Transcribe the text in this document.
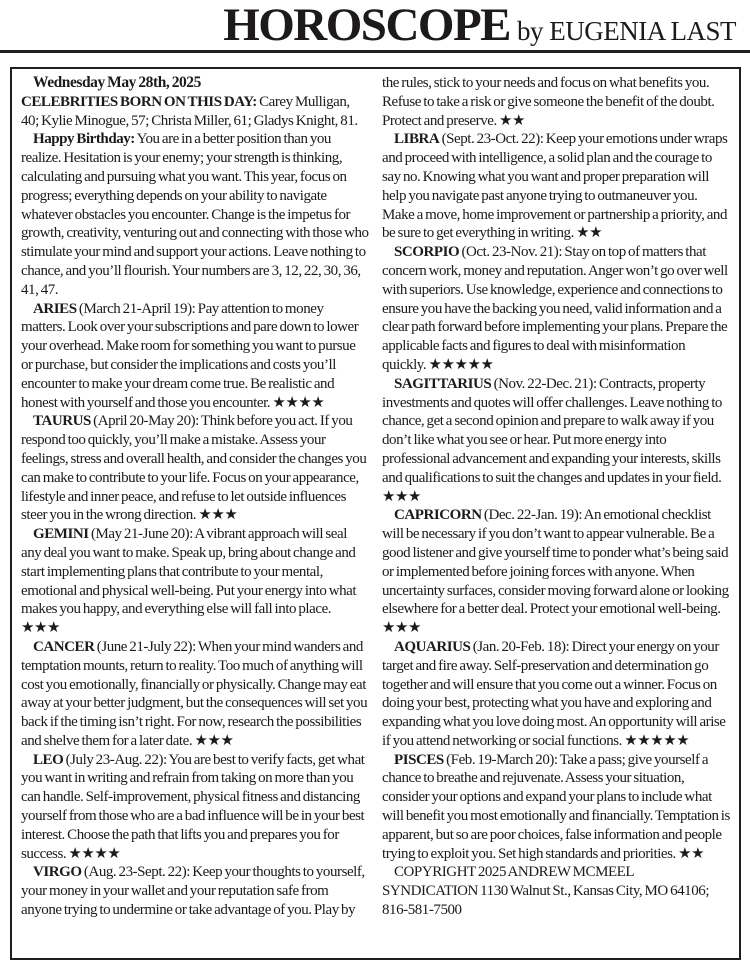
HOROSCOPE by EUGENIA LAST

Wednesday May 28th, 2025

CELEBRITIES BORN ON THIS DAY: Carey Mulligan, 40; Kylie Minogue, 57; Christa Miller, 61; Gladys Knight, 81.

Happy Birthday: You are in a better position than you realize. Hesitation is your enemy; your strength is thinking, calculating and pursuing what you want. This year, focus on progress; everything depends on your ability to navigate whatever obstacles you encounter. Change is the impetus for growth, creativity, venturing out and connecting with those who stimulate your mind and support your actions. Leave nothing to chance, and you’ll flourish. Your numbers are 3, 12, 22, 30, 36, 41, 47.

ARIES (March 21-April 19): Pay attention to money matters. Look over your subscriptions and pare down to lower your overhead. Make room for something you want to pursue or purchase, but consider the implications and costs you’ll encounter to make your dream come true. Be realistic and honest with yourself and those you encounter. ★★★★

TAURUS (April 20-May 20): Think before you act. If you respond too quickly, you’ll make a mistake. Assess your feelings, stress and overall health, and consider the changes you can make to contribute to your life. Focus on your appearance, lifestyle and inner peace, and refuse to let outside influences steer you in the wrong direction. ★★★

GEMINI (May 21-June 20): A vibrant approach will seal any deal you want to make. Speak up, bring about change and start implementing plans that contribute to your mental, emotional and physical well-being. Put your energy into what makes you happy, and everything else will fall into place. ★★★

CANCER (June 21-July 22): When your mind wanders and temptation mounts, return to reality. Too much of anything will cost you emotionally, financially or physically. Change may eat away at your better judgment, but the consequences will set you back if the timing isn’t right. For now, research the possibilities and shelve them for a later date. ★★★

LEO (July 23-Aug. 22): You are best to verify facts, get what you want in writing and refrain from taking on more than you can handle. Self-improvement, physical fitness and distancing yourself from those who are a bad influence will be in your best interest. Choose the path that lifts you and prepares you for success. ★★★★

VIRGO (Aug. 23-Sept. 22): Keep your thoughts to yourself, your money in your wallet and your reputation safe from anyone trying to undermine or take advantage of you. Play by

the rules, stick to your needs and focus on what benefits you. Refuse to take a risk or give someone the benefit of the doubt. Protect and preserve. ★★

LIBRA (Sept. 23-Oct. 22): Keep your emotions under wraps and proceed with intelligence, a solid plan and the courage to say no. Knowing what you want and proper preparation will help you navigate past anyone trying to outmaneuver you. Make a move, home improvement or partnership a priority, and be sure to get everything in writing. ★★

SCORPIO (Oct. 23-Nov. 21): Stay on top of matters that concern work, money and reputation. Anger won’t go over well with superiors. Use knowledge, experience and connections to ensure you have the backing you need, valid information and a clear path forward before implementing your plans. Prepare the applicable facts and figures to deal with misinformation quickly. ★★★★★

SAGITTARIUS (Nov. 22-Dec. 21): Contracts, property investments and quotes will offer challenges. Leave nothing to chance, get a second opinion and prepare to walk away if you don’t like what you see or hear. Put more energy into professional advancement and expanding your interests, skills and qualifications to suit the changes and updates in your field. ★★★

CAPRICORN (Dec. 22-Jan. 19): An emotional checklist will be necessary if you don’t want to appear vulnerable. Be a good listener and give yourself time to ponder what’s being said or implemented before joining forces with anyone. When uncertainty surfaces, consider moving forward alone or looking elsewhere for a better deal. Protect your emotional well-being. ★★★

AQUARIUS (Jan. 20-Feb. 18): Direct your energy on your target and fire away. Self-preservation and determination go together and will ensure that you come out a winner. Focus on doing your best, protecting what you have and exploring and expanding what you love doing most. An opportunity will arise if you attend networking or social functions. ★★★★★

PISCES (Feb. 19-March 20): Take a pass; give yourself a chance to breathe and rejuvenate. Assess your situation, consider your options and expand your plans to include what will benefit you most emotionally and financially. Temptation is apparent, but so are poor choices, false information and people trying to exploit you. Set high standards and priorities. ★★

COPYRIGHT 2025 ANDREW MCMEEL SYNDICATION 1130 Walnut St., Kansas City, MO 64106; 816-581-7500
